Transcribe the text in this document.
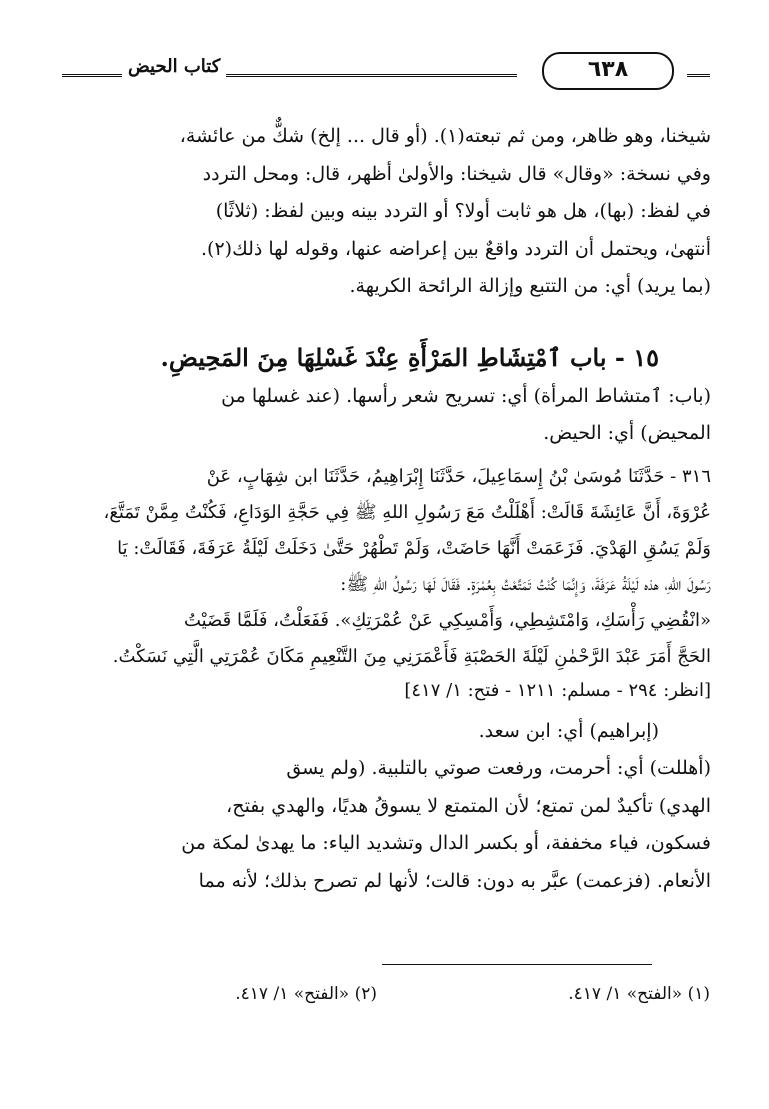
كتاب الحيض	٦٣٨

شيخنا، وهو ظاهر، ومن ثم تبعته(١). (أو قال ... إلخ) شكٌّ من عائشة،
وفي نسخة: «وقال» قال شيخنا: والأولىٰ أظهر، قال: ومحل التردد
في لفظ: (بها)، هل هو ثابت أولا؟ أو التردد بينه وبين لفظ: (ثلاثًا)
أنتهىٰ، ويحتمل أن التردد واقعٌ بين إعراضه عنها، وقوله لها ذلك(٢).
(بما يريد) أي: من التتبع وإزالة الرائحة الكريهة.

١٥ - باب ٱمْتِشَاطِ المَرْأَةِ عِنْدَ غَسْلِهَا مِنَ المَحِيضِ.

(باب: ٱمتشاط المرأة) أي: تسريح شعر رأسها. (عند غسلها من
المحيض) أي: الحيض.

٣١٦ - حَدَّثَنَا مُوسَىٰ بْنُ إِسمَاعِيلَ، حَدَّثَنَا إِبْرَاهِيمُ، حَدَّثَنَا ابن شِهَابٍ، عَنْ
عُرْوَةَ، أَنَّ عَائِشَةَ قَالَتْ: أَهْلَلْتُ مَعَ رَسُولِ اللهِ ﷺ فِي حَجَّةِ الوَدَاعِ، فَكُنْتُ مِمَّنْ تَمَتَّعَ،
وَلَمْ يَسُقِ الهَدْيَ. فَزَعَمَتْ أَنَّهَا حَاضَتْ، وَلَمْ تَطْهُرْ حَتَّىٰ دَخَلَتْ لَيْلَةُ عَرَفَةَ، فَقَالَتْ: يَا
رَسُولَ اللهِ، هذه لَيْلَةُ عَرَفَةَ، وَإِنَّمَا كُنْتُ تَمَتَّعْتُ بِعُمْرَةٍ. فَقَالَ لَهَا رَسُولُ اللهِ ﷺ:
«انْقُضِي رَأْسَكِ، وَامْتَشِطِي، وَأَمْسِكِي عَنْ عُمْرَتِكِ». فَفَعَلْتُ، فَلَمَّا قَضَيْتُ
الحَجَّ أَمَرَ عَبْدَ الرَّحْمٰنِ لَيْلَةَ الحَصْبَةِ فَأَعْمَرَنِي مِنَ التَّنْعِيمِ مَكَانَ عُمْرَتِي الَّتِي نَسَكْتُ.

[انظر: ٢٩٤ - مسلم: ١٢١١ - فتح: ١/ ٤١٧]

(إبراهيم) أي: ابن سعد.

(أهللت) أي: أحرمت، ورفعت صوتي بالتلبية. (ولم يسق
الهدي) تأكيدٌ لمن تمتع؛ لأن المتمتع لا يسوقُ هديًا، والهدي بفتح،
فسكون، فياء مخففة، أو بكسر الدال وتشديد الياء: ما يهدىٰ لمكة من
الأنعام. (فزعمت) عبَّر به دون: قالت؛ لأنها لم تصرح بذلك؛ لأنه مما

(١) «الفتح» ١/ ٤١٧.
(٢) «الفتح» ١/ ٤١٧.
